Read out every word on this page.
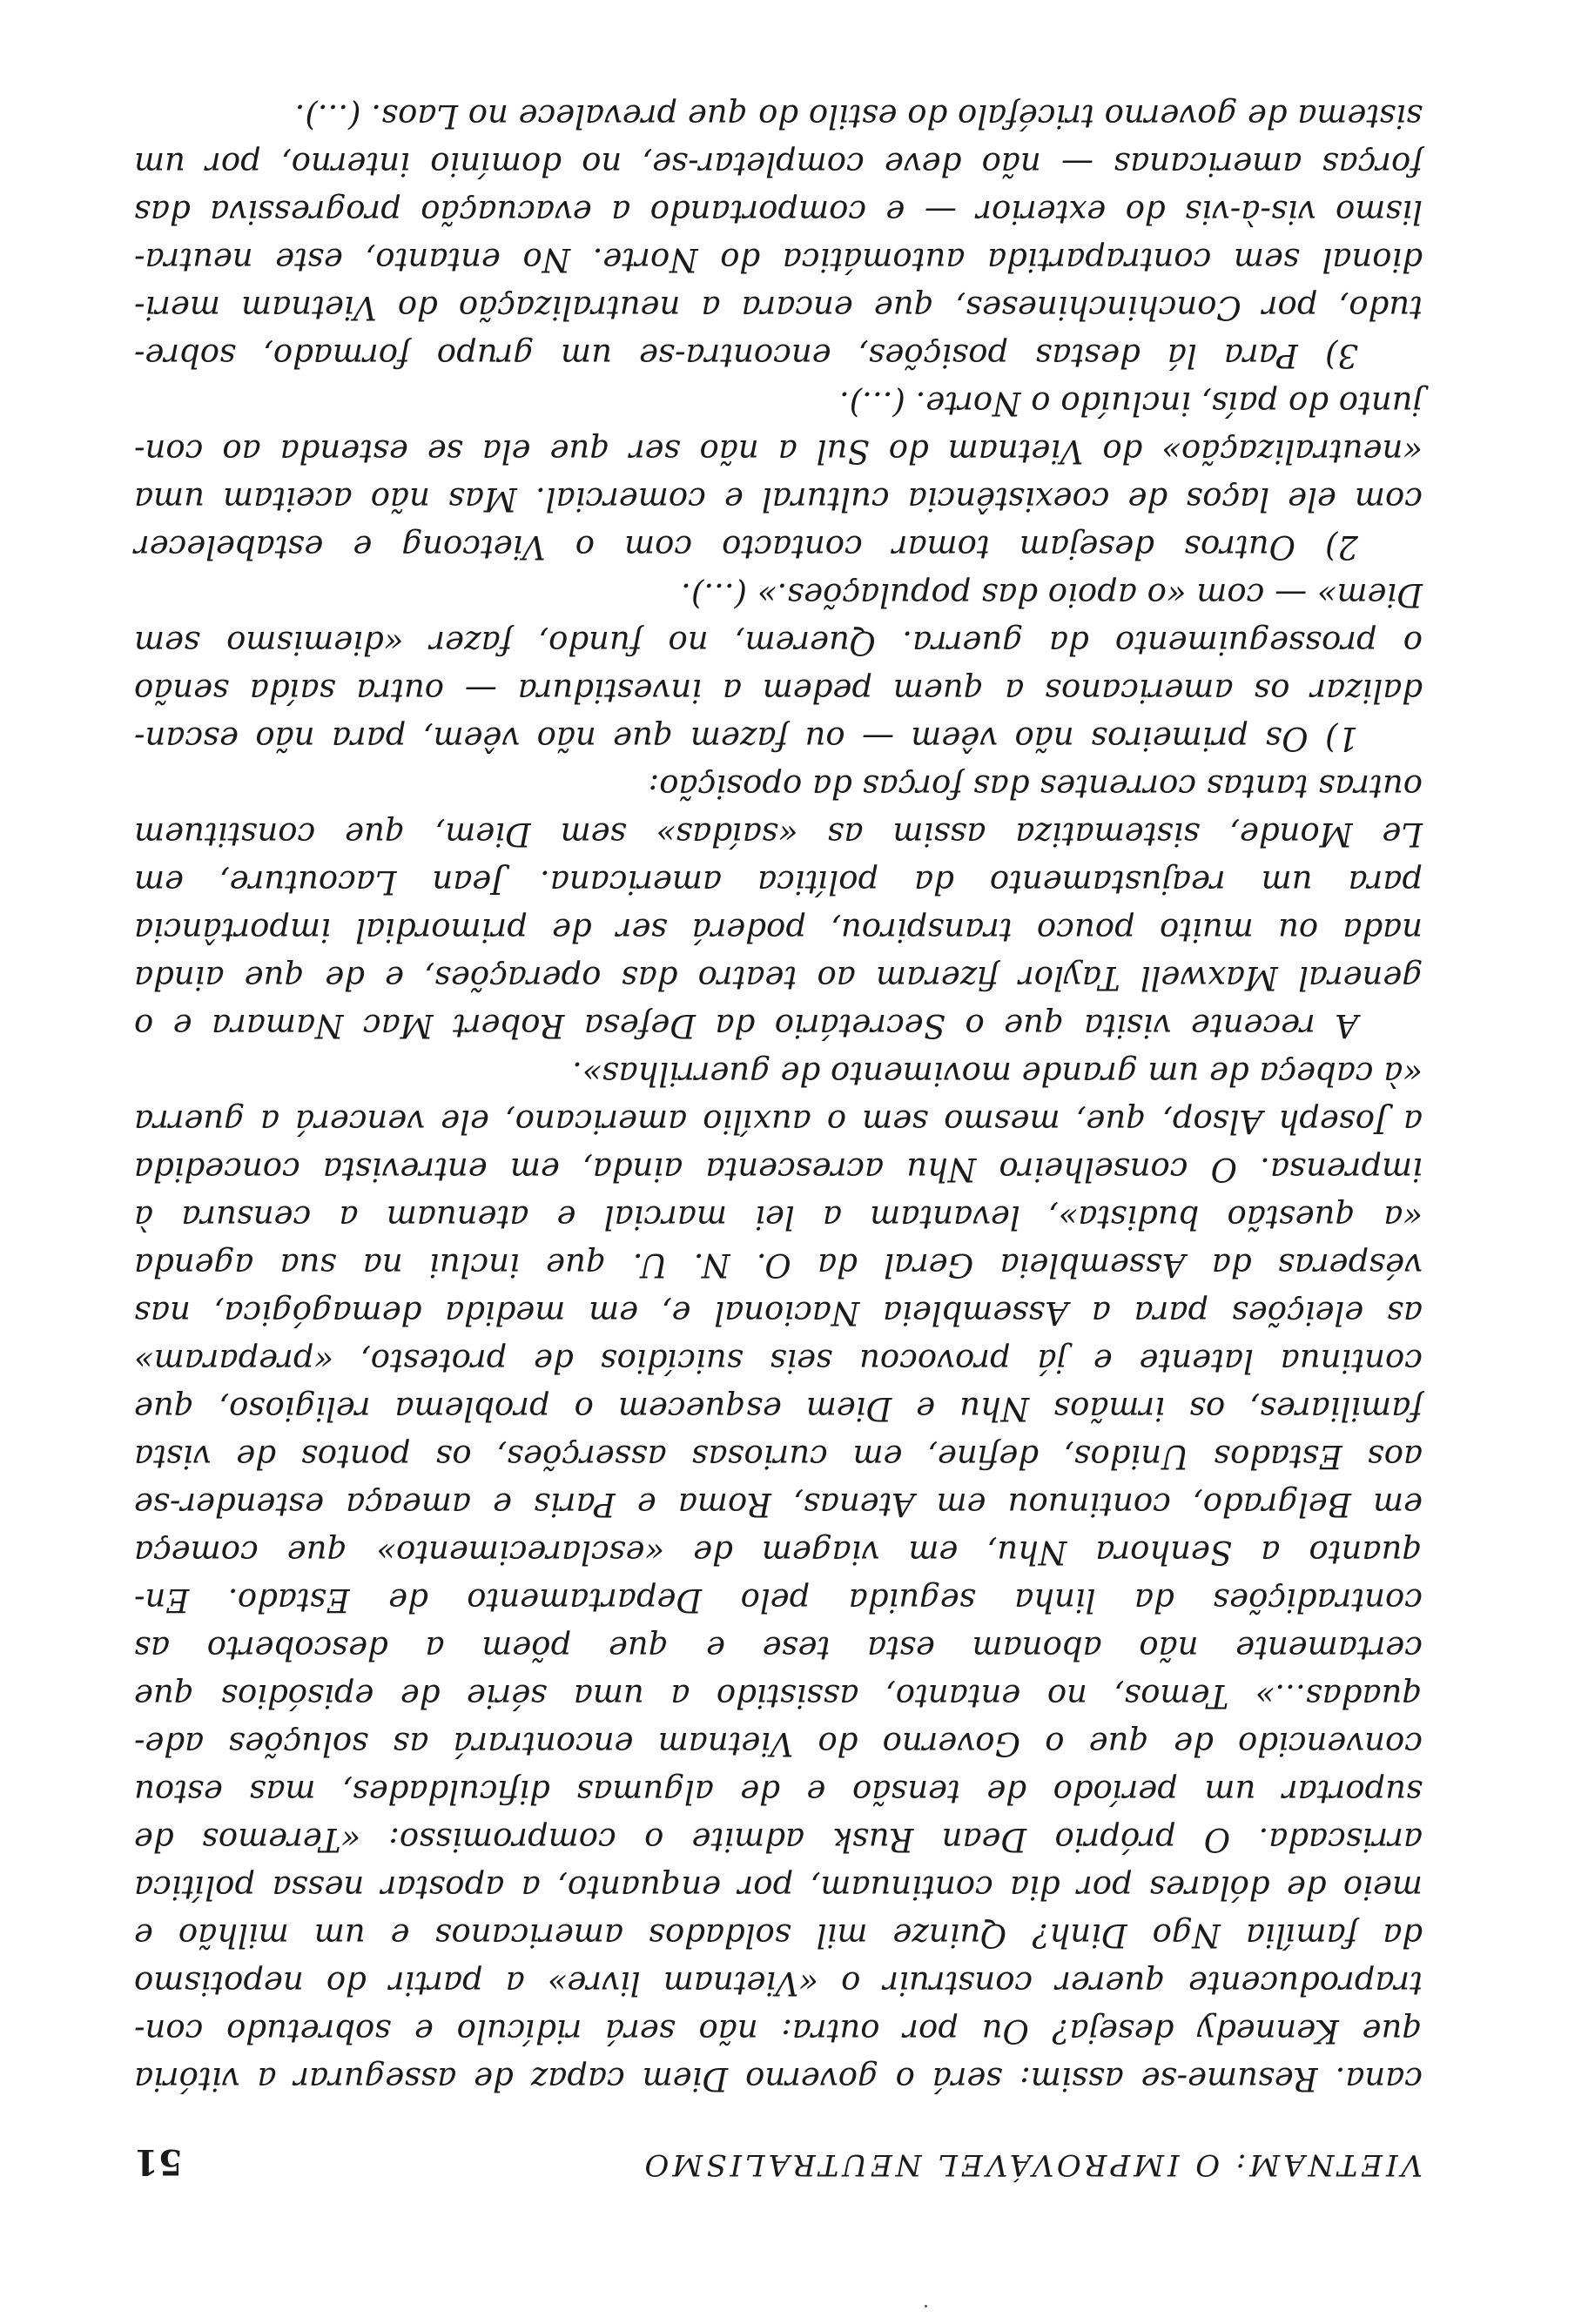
VIETNAM: O IMPROVÁVEL NEUTRALISMO
51
cana. Resume-se assim: será o governo Diem capaz de assegurar a vitória
que Kennedy deseja? Ou por outra: não será ridículo e sobretudo con-
traproducente querer construir o «Vietnam livre» a partir do nepotismo
da família Ngo Dinh? Quinze mil soldados americanos e um milhão e
meio de dólares por dia continuam, por enquanto, a apostar nessa política
arriscada. O próprio Dean Rusk admite o compromisso: «Teremos de
suportar um período de tensão e de algumas dificuldades, mas estou
convencido de que o Governo do Vietnam encontrará as soluções ade-
quadas...» Temos, no entanto, assistido a uma série de episódios que
certamente não abonam esta tese e que põem a descoberto as
contradições da linha seguida pelo Departamento de Estado. En-
quanto a Senhora Nhu, em viagem de «esclarecimento» que começa
em Belgrado, continuou em Atenas, Roma e Paris e ameaça estender-se
aos Estados Unidos, define, em curiosas asserções, os pontos de vista
familiares, os irmãos Nhu e Diem esquecem o problema religioso, que
continua latente e já provocou seis suicídios de protesto, «preparam»
as eleições para a Assembleia Nacional e, em medida demagógica, nas
vésperas da Assembleia Geral da O. N. U. que inclui na sua agenda
«a questão budista», levantam a lei marcial e atenuam a censura à
imprensa. O conselheiro Nhu acrescenta ainda, em entrevista concedida
a Joseph Alsop, que, mesmo sem o auxílio americano, ele vencerá a guerra
«à cabeça de um grande movimento de guerrilhas».
A recente visita que o Secretário da Defesa Robert Mac Namara e o
general Maxwell Taylor fizeram ao teatro das operações, e de que ainda
nada ou muito pouco transpirou, poderá ser de primordial importância
para um reajustamento da política americana. Jean Lacouture, em
Le Monde, sistematiza assim as «saídas» sem Diem, que constituem
outras tantas correntes das forças da oposição:
1) Os primeiros não vêem — ou fazem que não vêem, para não escan-
dalizar os americanos a quem pedem a investidura — outra saída senão
o prosseguimento da guerra. Querem, no fundo, fazer «diemismo sem
Diem» — com «o apoio das populações.» (...).
2) Outros desejam tomar contacto com o Vietcong e estabelecer
com ele laços de coexistência cultural e comercial. Mas não aceitam uma
«neutralização» do Vietnam do Sul a não ser que ela se estenda ao con-
junto do país, incluído o Norte. (...).
3) Para lá destas posições, encontra-se um grupo formado, sobre-
tudo, por Conchinchineses, que encara a neutralização do Vietnam meri-
dional sem contrapartida automática do Norte. No entanto, este neutra-
lismo vis-à-vis do exterior — e comportando a evacuação progressiva das
forças americanas — não deve completar-se, no domínio interno, por um
sistema de governo tricéfalo do estilo do que prevalece no Laos. (...).
